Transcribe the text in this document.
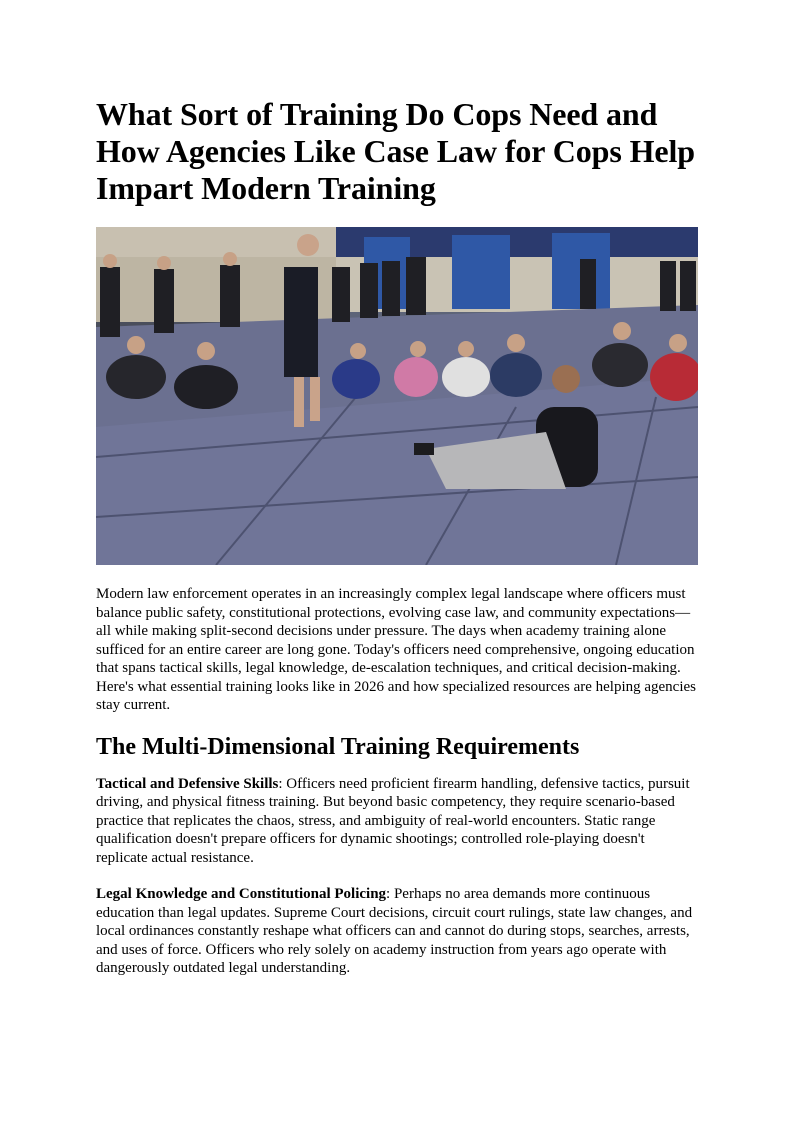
What Sort of Training Do Cops Need and How Agencies Like Case Law for Cops Help Impart Modern Training

Modern law enforcement operates in an increasingly complex legal landscape where officers must balance public safety, constitutional protections, evolving case law, and community expectations—all while making split-second decisions under pressure. The days when academy training alone sufficed for an entire career are long gone. Today's officers need comprehensive, ongoing education that spans tactical skills, legal knowledge, de-escalation techniques, and critical decision-making. Here's what essential training looks like in 2026 and how specialized resources are helping agencies stay current.

The Multi-Dimensional Training Requirements

Tactical and Defensive Skills: Officers need proficient firearm handling, defensive tactics, pursuit driving, and physical fitness training. But beyond basic competency, they require scenario-based practice that replicates the chaos, stress, and ambiguity of real-world encounters. Static range qualification doesn't prepare officers for dynamic shootings; controlled role-playing doesn't replicate actual resistance.

Legal Knowledge and Constitutional Policing: Perhaps no area demands more continuous education than legal updates. Supreme Court decisions, circuit court rulings, state law changes, and local ordinances constantly reshape what officers can and cannot do during stops, searches, arrests, and uses of force. Officers who rely solely on academy instruction from years ago operate with dangerously outdated legal understanding.
